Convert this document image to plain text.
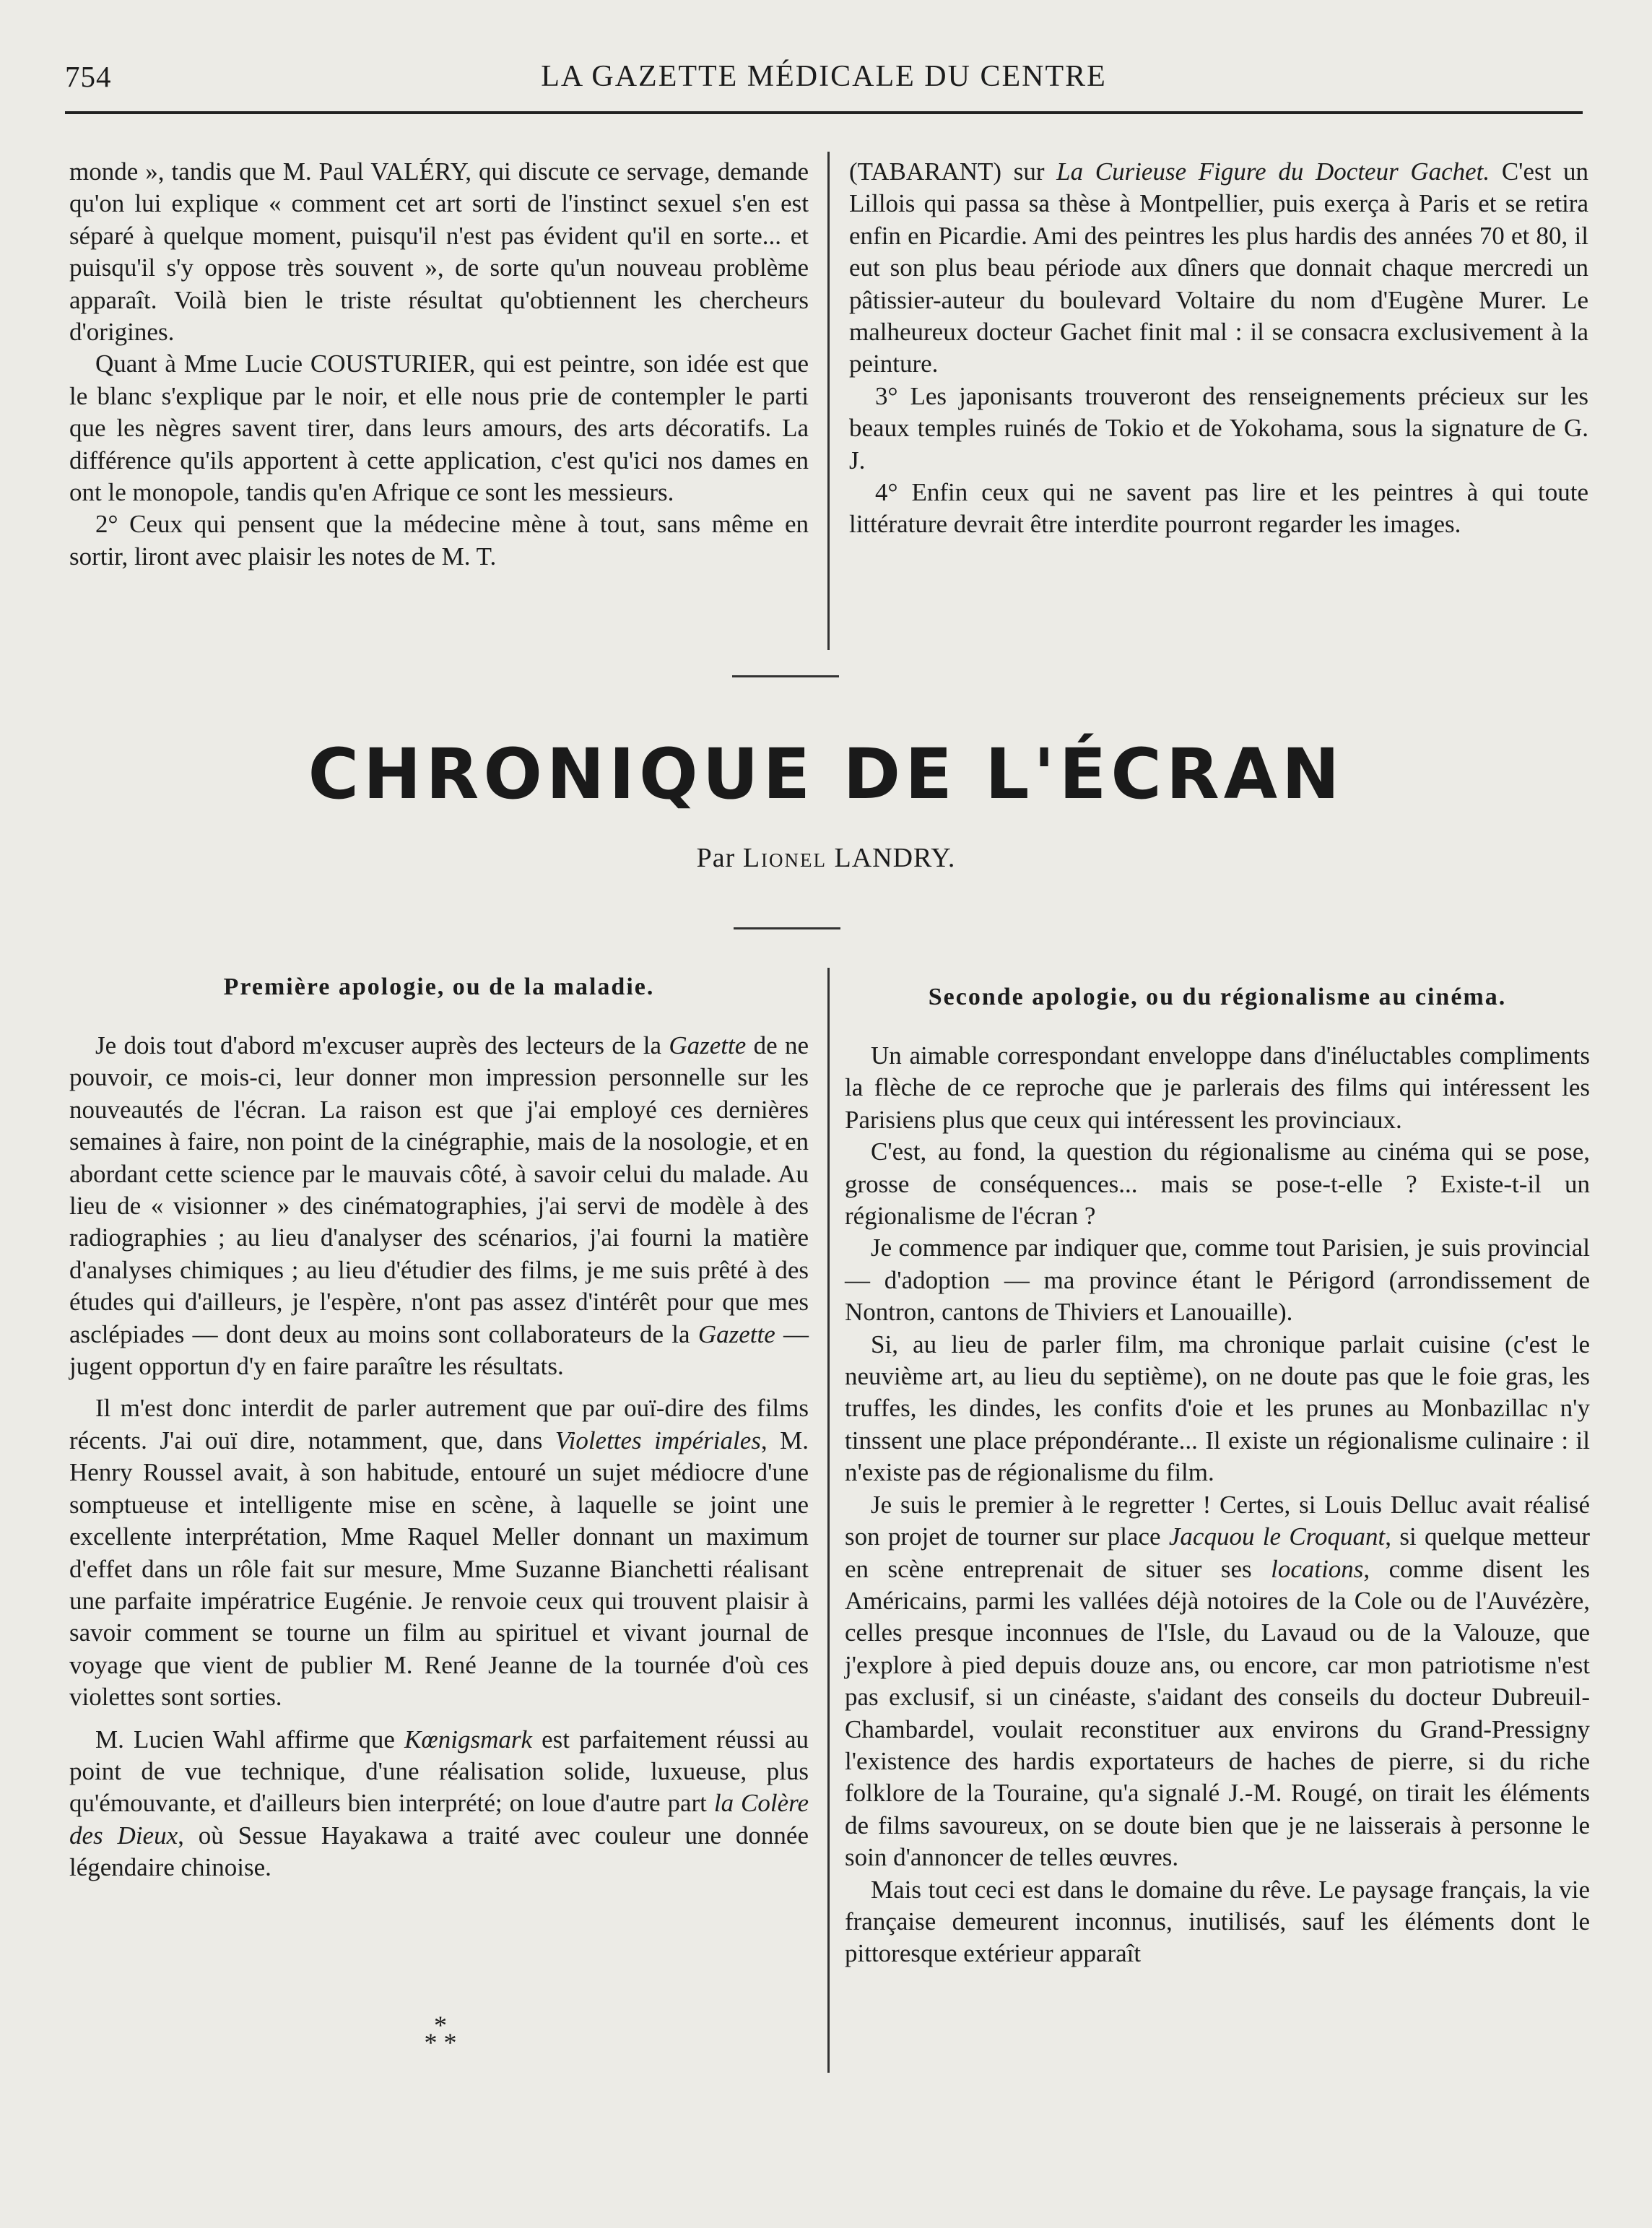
754	LA GAZETTE MÉDICALE DU CENTRE

monde », tandis que M. Paul VALÉRY, qui discute ce servage, demande qu'on lui explique « comment cet art sorti de l'instinct sexuel s'en est séparé à quelque moment, puisqu'il n'est pas évident qu'il en sorte... et puisqu'il s'y oppose très souvent », de sorte qu'un nouveau problème apparaît. Voilà bien le triste résultat qu'obtiennent les chercheurs d'origines.

Quant à Mme Lucie COUSTURIER, qui est peintre, son idée est que le blanc s'explique par le noir, et elle nous prie de contempler le parti que les nègres savent tirer, dans leurs amours, des arts décoratifs. La différence qu'ils apportent à cette application, c'est qu'ici nos dames en ont le monopole, tandis qu'en Afrique ce sont les messieurs.

2° Ceux qui pensent que la médecine mène à tout, sans même en sortir, liront avec plaisir les notes de M. T.

(TABARANT) sur La Curieuse Figure du Docteur Gachet. C'est un Lillois qui passa sa thèse à Montpellier, puis exerça à Paris et se retira enfin en Picardie. Ami des peintres les plus hardis des années 70 et 80, il eut son plus beau période aux dîners que donnait chaque mercredi un pâtissier-auteur du boulevard Voltaire du nom d'Eugène Murer. Le malheureux docteur Gachet finit mal : il se consacra exclusivement à la peinture.

3° Les japonisants trouveront des renseignements précieux sur les beaux temples ruinés de Tokio et de Yokohama, sous la signature de G. J.

4° Enfin ceux qui ne savent pas lire et les peintres à qui toute littérature devrait être interdite pourront regarder les images.

CHRONIQUE DE L'ÉCRAN
Par Lionel LANDRY.
Première apologie, ou de la maladie.

Je dois tout d'abord m'excuser auprès des lecteurs de la Gazette de ne pouvoir, ce mois-ci, leur donner mon impression personnelle sur les nouveautés de l'écran. La raison est que j'ai employé ces dernières semaines à faire, non point de la cinégraphie, mais de la nosologie, et en abordant cette science par le mauvais côté, à savoir celui du malade. Au lieu de « visionner » des cinématographies, j'ai servi de modèle à des radiographies ; au lieu d'analyser des scénarios, j'ai fourni la matière d'analyses chimiques ; au lieu d'étudier des films, je me suis prêté à des études qui d'ailleurs, je l'espère, n'ont pas assez d'intérêt pour que mes asclépiades — dont deux au moins sont collaborateurs de la Gazette — jugent opportun d'y en faire paraître les résultats.

Il m'est donc interdit de parler autrement que par ouï-dire des films récents. J'ai ouï dire, notamment, que, dans Violettes impériales, M. Henry Roussel avait, à son habitude, entouré un sujet médiocre d'une somptueuse et intelligente mise en scène, à laquelle se joint une excellente interprétation, Mme Raquel Meller donnant un maximum d'effet dans un rôle fait sur mesure, Mme Suzanne Bianchetti réalisant une parfaite impératrice Eugénie. Je renvoie ceux qui trouvent plaisir à savoir comment se tourne un film au spirituel et vivant journal de voyage que vient de publier M. René Jeanne de la tournée d'où ces violettes sont sorties.

M. Lucien Wahl affirme que Kœnigsmark est parfaitement réussi au point de vue technique, d'une réalisation solide, luxueuse, plus qu'émouvante, et d'ailleurs bien interprété; on loue d'autre part la Colère des Dieux, où Sessue Hayakawa a traité avec couleur une donnée légendaire chinoise.

*
* *
Seconde apologie, ou du régionalisme au cinéma.

Un aimable correspondant enveloppe dans d'inéluctables compliments la flèche de ce reproche que je parlerais des films qui intéressent les Parisiens plus que ceux qui intéressent les provinciaux.

C'est, au fond, la question du régionalisme au cinéma qui se pose, grosse de conséquences... mais se pose-t-elle ? Existe-t-il un régionalisme de l'écran ?

Je commence par indiquer que, comme tout Parisien, je suis provincial — d'adoption — ma province étant le Périgord (arrondissement de Nontron, cantons de Thiviers et Lanouaille).

Si, au lieu de parler film, ma chronique parlait cuisine (c'est le neuvième art, au lieu du septième), on ne doute pas que le foie gras, les truffes, les dindes, les confits d'oie et les prunes au Monbazillac n'y tinssent une place prépondérante... Il existe un régionalisme culinaire : il n'existe pas de régionalisme du film.

Je suis le premier à le regretter ! Certes, si Louis Delluc avait réalisé son projet de tourner sur place Jacquou le Croquant, si quelque metteur en scène entreprenait de situer ses locations, comme disent les Américains, parmi les vallées déjà notoires de la Cole ou de l'Auvézère, celles presque inconnues de l'Isle, du Lavaud ou de la Valouze, que j'explore à pied depuis douze ans, ou encore, car mon patriotisme n'est pas exclusif, si un cinéaste, s'aidant des conseils du docteur Dubreuil-Chambardel, voulait reconstituer aux environs du Grand-Pressigny l'existence des hardis exportateurs de haches de pierre, si du riche folklore de la Touraine, qu'a signalé J.-M. Rougé, on tirait les éléments de films savoureux, on se doute bien que je ne laisserais à personne le soin d'annoncer de telles œuvres.

Mais tout ceci est dans le domaine du rêve. Le paysage français, la vie française demeurent inconnus, inutilisés, sauf les éléments dont le pittoresque extérieur apparaît
